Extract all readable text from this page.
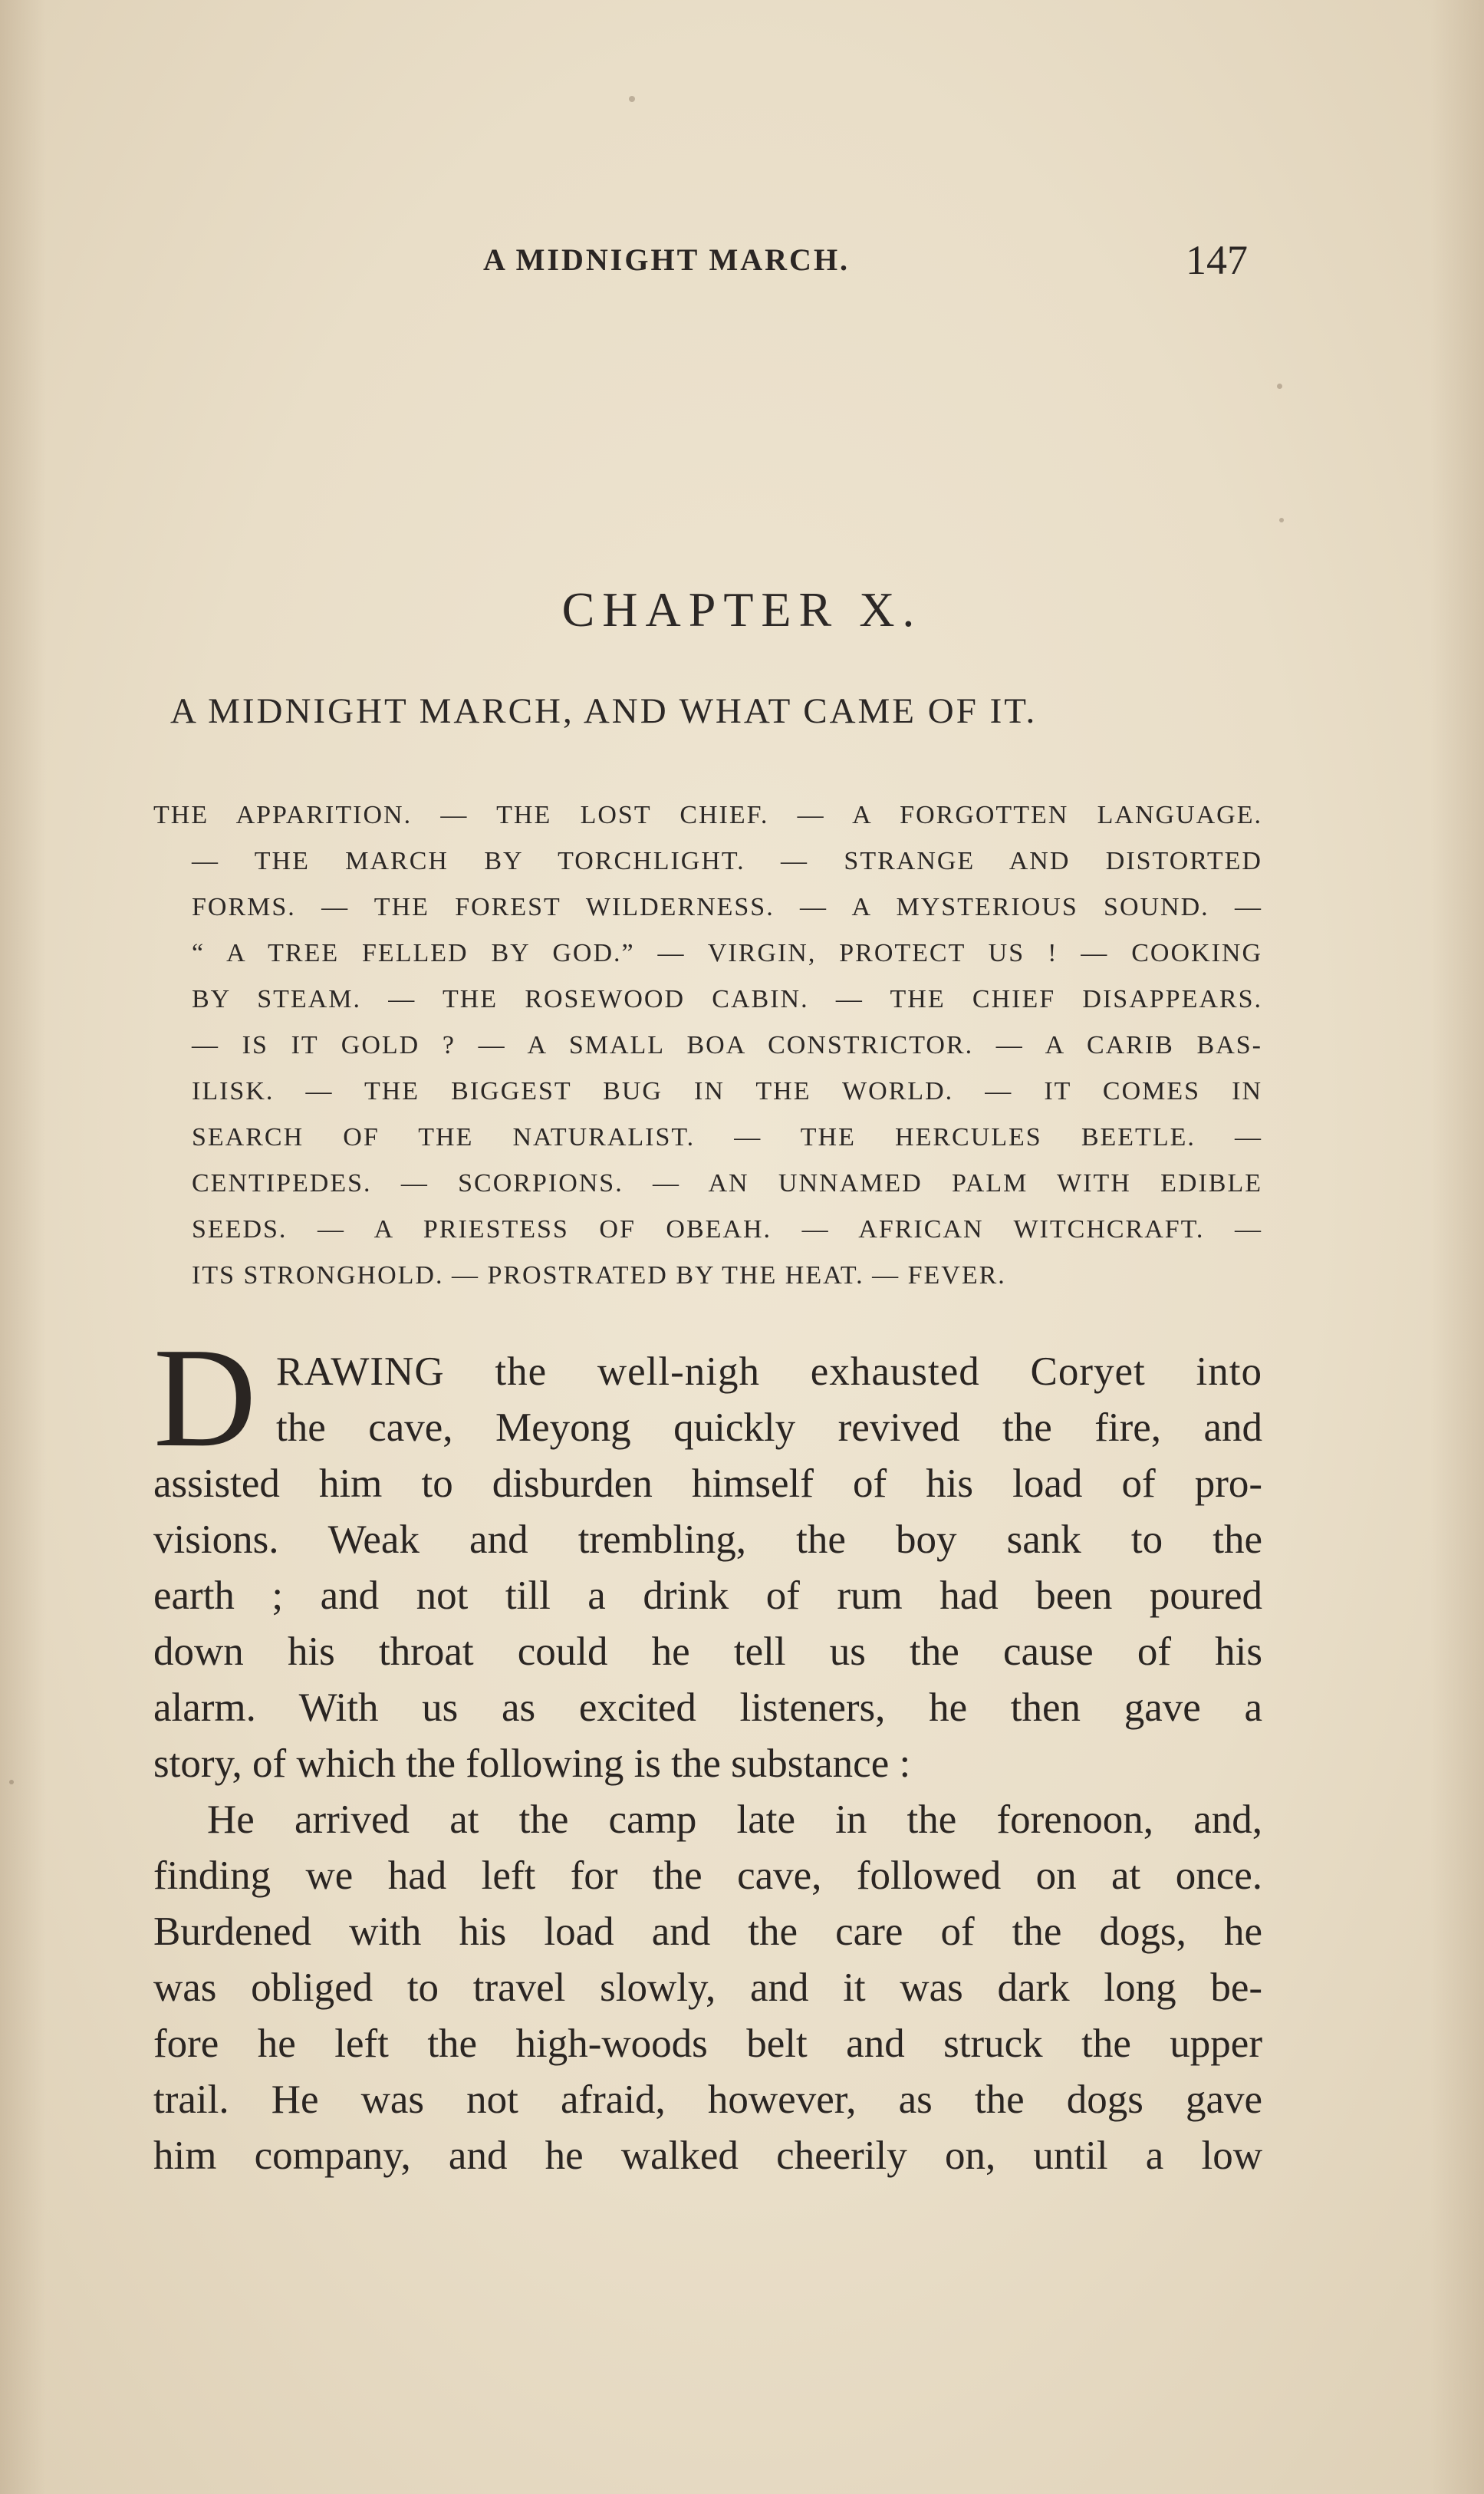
A MIDNIGHT MARCH.	147
CHAPTER X.
A MIDNIGHT MARCH, AND WHAT CAME OF IT.
THE APPARITION. — THE LOST CHIEF. — A FORGOTTEN LANGUAGE.
— THE MARCH BY TORCHLIGHT. — STRANGE AND DISTORTED
FORMS. — THE FOREST WILDERNESS. — A MYSTERIOUS SOUND. —
“ A TREE FELLED BY GOD.” — VIRGIN, PROTECT US ! — COOKING
BY STEAM. — THE ROSEWOOD CABIN. — THE CHIEF DISAPPEARS.
— IS IT GOLD ? — A SMALL BOA CONSTRICTOR. — A CARIB BAS-
ILISK. — THE BIGGEST BUG IN THE WORLD. — IT COMES IN
SEARCH OF THE NATURALIST. — THE HERCULES BEETLE. —
CENTIPEDES. — SCORPIONS. — AN UNNAMED PALM WITH EDIBLE
SEEDS. — A PRIESTESS OF OBEAH. — AFRICAN WITCHCRAFT. —
ITS STRONGHOLD. — PROSTRATED BY THE HEAT. — FEVER.
D RAWING the well-nigh exhausted Coryet into
the cave, Meyong quickly revived the fire, and
assisted him to disburden himself of his load of pro-
visions. Weak and trembling, the boy sank to the
earth ; and not till a drink of rum had been poured
down his throat could he tell us the cause of his
alarm. With us as excited listeners, he then gave a
story, of which the following is the substance :
He arrived at the camp late in the forenoon, and,
finding we had left for the cave, followed on at once.
Burdened with his load and the care of the dogs, he
was obliged to travel slowly, and it was dark long be-
fore he left the high-woods belt and struck the upper
trail. He was not afraid, however, as the dogs gave
him company, and he walked cheerily on, until a low
